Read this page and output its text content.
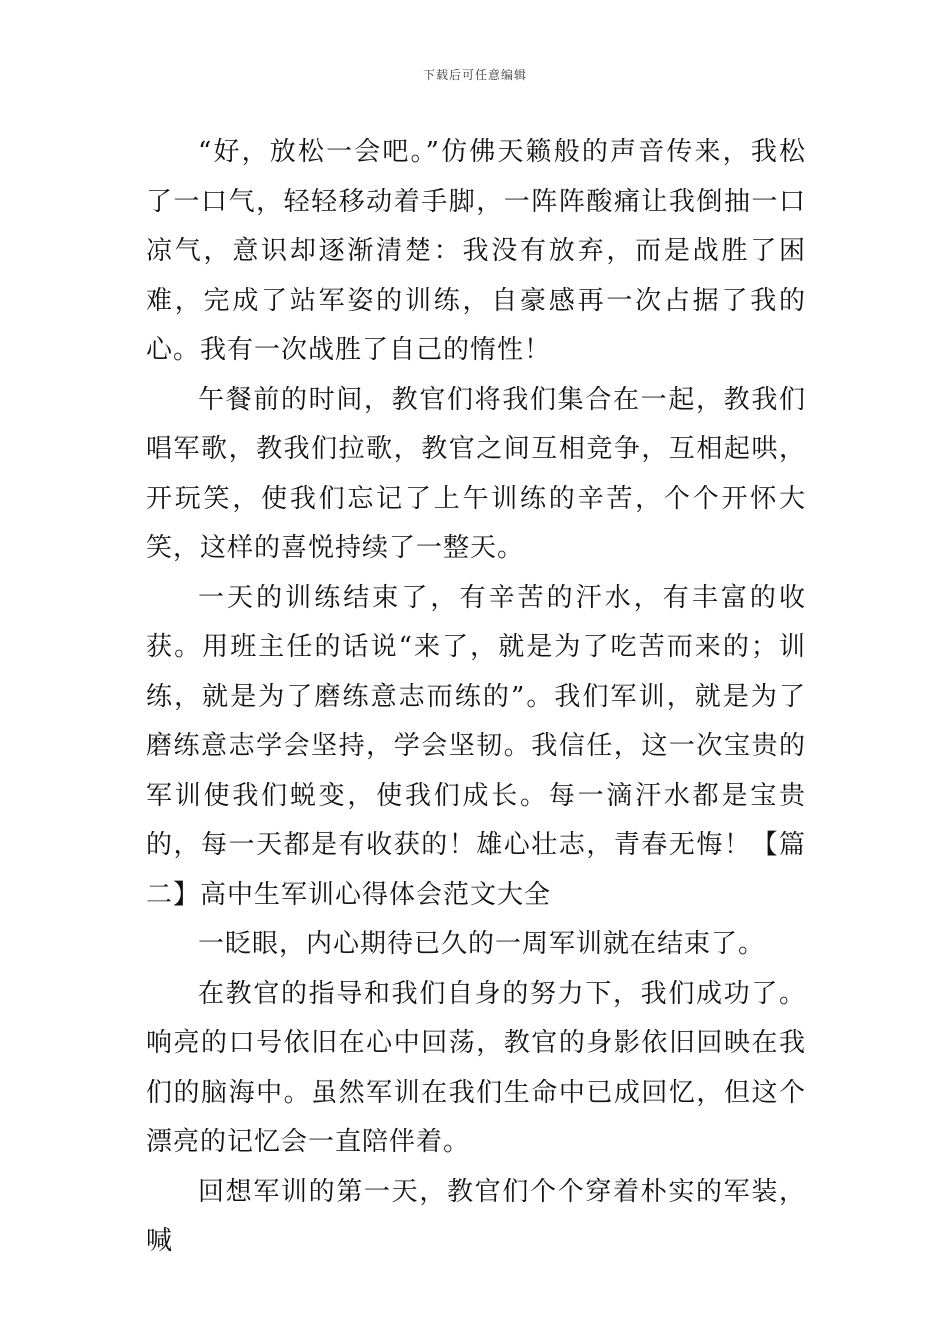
下载后可任意编辑

“好，放松一会吧。”仿佛天籁般的声音传来，我松了一口气，轻轻移动着手脚，一阵阵酸痛让我倒抽一口凉气，意识却逐渐清楚：我没有放弃，而是战胜了困难，完成了站军姿的训练，自豪感再一次占据了我的心。我有一次战胜了自己的惰性！

午餐前的时间，教官们将我们集合在一起，教我们唱军歌，教我们拉歌，教官之间互相竞争，互相起哄，开玩笑，使我们忘记了上午训练的辛苦，个个开怀大笑，这样的喜悦持续了一整天。

一天的训练结束了，有辛苦的汗水，有丰富的收获。用班主任的话说“来了，就是为了吃苦而来的；训练，就是为了磨练意志而练的”。我们军训，就是为了磨练意志学会坚持，学会坚韧。我信任，这一次宝贵的军训使我们蜕变，使我们成长。每一滴汗水都是宝贵的，每一天都是有收获的！雄心壮志，青春无悔！【篇二】高中生军训心得体会范文大全

一眨眼，内心期待已久的一周军训就在结束了。

在教官的指导和我们自身的努力下，我们成功了。响亮的口号依旧在心中回荡，教官的身影依旧回映在我们的脑海中。虽然军训在我们生命中已成回忆，但这个漂亮的记忆会一直陪伴着。

回想军训的第一天，教官们个个穿着朴实的军装，喊
